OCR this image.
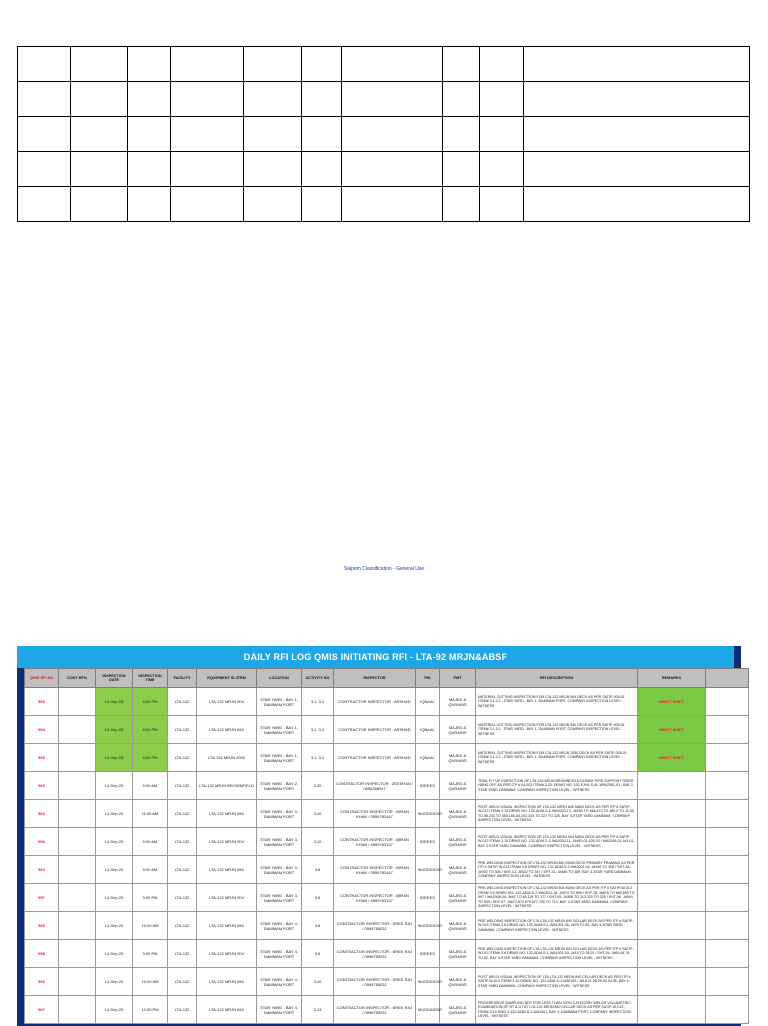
Saipem Classification - General Use
DAILY RFI LOG QMIS INITIATING RFI - LTA-92 MRJN&ABSF
QMIS RFI NO	CONT RFI#	INSPECTION DATE	INSPECTION TIME	FACILITY	EQUIPMENT ID /ITEM	LOCATION	ACTIVITY NO	INSPECTOR	PID	PMT	RFI DESCRIPTION	REMARKS	
953		13-Sep-25	8:00 PM	LTA-132	LTA-132 MRJN 504	STAR YARD - BAY 1, DAMMAM PORT	3.1, 3.2	CONTRACTOR INSPECTOR : ARSHAD	IQBAAL	MAJED & QURAINS	MATERIAL CUTTING INSPECTION FOR LTA-132 MRJN 504 DECK AS PER SATIP-005-01 ITEM# 3.1,3.2 , STAR YARD - BAY 1, DAMMAM PORT, COMPANY INSPECTION LEVEL : WITNESS	NIGHT SHIFT	
954		13-Sep-25	8:00 PM	LTA-132	LTA-132 MRJN 840	STAR YARD - BAY 1, DAMMAM PORT	3.1, 3.2	CONTRACTOR INSPECTOR : ARSHAD	IQBAAL	MAJED & QURAINS	MATERIAL CUTTING INSPECTION FOR LTA-132 MRJN 840 DECK AS PER SATIP-005-01 ITEM# 3.1,3.2 , STAR YARD - BAY 1, DAMMAM PORT, COMPANY INSPECTION LEVEL : WITNESS	NIGHT SHIFT	
955		13-Sep-25	8:00 PM	LTA-132	LTA-132 MRJN 2050	STAR YARD - BAY 1, DAMMAM PORT	3.1, 3.2	CONTRACTOR INSPECTOR : ARSHAD	IQBAAL	MAJED & QURAINS	MATERIAL CUTTING INSPECTION FOR LTA-132 MRJN 2050 DECK AS PER SATIP-005-01 ITEM# 3.1,3.2 , STAR YARD - BAY 1, DAMMAM PORT, COMPANY INSPECTION LEVEL : WITNESS	NIGHT SHIFT	
969		14-Sep-25	9:00 AM	LTA-132	LTA-132 MRJN BROWNFIELD	STAR YARD - BAY 2, DAMMAM PORT	3.20	CONTRACTOR INSPECTOR : ZEESHAN / 0550288047	IDREES	MAJED & QURAINS	TRIAL FIT UP INSPECTION OF LTA-132 MRJN BROWNFIELD DUMMY PIPE SUPPORT RISER HANG OFF AS PER ITP # 04-003 ITEM# 3.20, DRWG NO. 132-EJH4-S-8L-W902051-01 , BAY 2, STAR YARD DAMMAM, COMPANY INSPECTION LEVEL : WITNESS		
963		14-Sep-25	11:00 AM	LTA-132	LTA-132 MRJN 840	STAR YARD - BAY 3, DAMMAM PORT	3.10	CONTRACTOR INSPECTOR : IMRAN KHAN / 0559783167	MUDDASSIR	MAJED & QURAINS	POST WELD VISUAL INSPECTION OF LTA-132 MRJN 840 MAIN DECK AS PER ITP # SATIP-W-013 ITEM# 3.10 DRWG NO. 132-ADM-S-2-WA2003-13, J#453 TO 466,473 TO 480,9 TO 11,50 TO 55,343 TO 350,166,A4,202,333 TO 327 TO 326, BAY 3-STAR YARD DAMMAM, COMPANY INSPECTION LEVEL : WITNESS		
956		14-Sep-25	9:00 AM	LTA-132	LTA-132 MRJN 504	STAR YARD - BAY 3, DAMMAM PORT	3.10	CONTRACTOR INSPECTOR : IMRAN KHAN / 0559783167	IDREES	MAJED & QURAINS	POST WELD VISUAL INSPECTION OF LTA-132 MRJN 504 MAIN DECK AS PER ITP # SATIP-W-013 ITEM# 3.10 DRWG NO. 132-ADM-S-2-WA2003-11, J#452-01,425-03 / WA2008-01,J#1-01, BAY 3-STAR YARD DAMMAM, COMPANY INSPECTION LEVEL : WITNESS		
964		14-Sep-25	9:00 AM	LTA-132	LTA-132 MRJN 840	STAR YARD - BAY 3, DAMMAM PORT	3.6	CONTRACTOR INSPECTOR : IMRAN KHAN / 0559783167	MUDDASSIR	MAJED & QURAINS	PRE-WELDING INSPECTION OF LTA-132 MRJN 840 MAIN DECK PRIMARY FRAMING AS PER ITP # SATIP-W-013 ITEM# 3.6 DRWG NO. 132-ADM-S-2-WA2001-04, J#169 TO 306 / SHT-34, J#302 TO 306 / SHT-13, J#342 TO 347 / SHT-31, J#485 TO 489, BAY 3-STAR YARD DAMMAM, COMPANY INSPECTION LEVEL : WITNESS		
957		14-Sep-25	3:00 PM	LTA-132	LTA-132 MRJN 504	STAR YARD - BAY 3, DAMMAM PORT	3.6	CONTRACTOR INSPECTOR : IMRAN KHAN / 0559783167	IDREES	MAJED & QURAINS	PRE-WELDING INSPECTION OF LTA-132 MRJN 504 MAIN DECK AS PER ITP # SATIP-W-013 ITEM# 3.6 DRWG NO. 132-ADM-S-2-WA2001-18, J#570 TO 599 / SHT-18, J#676 TO 680,690 TO 697 / WA2008-04, J#41 TO 46,119 TO 177 / SHT-05, J#308 TO 313,320 TO 325 / SHT-06, J#544 TO 549 / SHT-07, J#672,674,676,677,700 TO 714, BAY 3-STAR YARD DAMMAM, COMPANY INSPECTION LEVEL : WITNESS		
965		14-Sep-25	10:00 AM	LTA-132	LTA-132 MRJN 840	STAR YARD - BAY 4, DAMMAM PORT	3.6	CONTRACTOR INSPECTOR : SREE RAJ / 0595785232	MUDDASSIR	MAJED & QURAINS	PRE-WELDING INSPECTION OF LTA-LTA-132 MRJN 840 CELLAR DECK AS PER ITP # SATIP-W-013 ITEM# 3.6 DRWG NO. 132-ADM-S-1-WA1001-06, J#76 TO 83, BAY 4-STAR YARD DAMMAM, COMPANY INSPECTION LEVEL : WITNESS		
958		14-Sep-25	3:00 PM	LTA-132	LTA-132 MRJN 504	STAR YARD - BAY 4, DAMMAM PORT	3.6	CONTRACTOR INSPECTOR : SREE RAJ / 0595785232	IDREES	MAJED & QURAINS	PRE-WELDING INSPECTION OF LTA-LTA-132 MRJN 504 CELLAR DECK AS PER ITP # SATIP-W-013 ITEM# 3.6 DRWG NO. 132-ADM-S-1-WA1001-03, J#15 TO 28,31 / SHT-04, J#60,64,76 TO 82, BAY 4-STAR YARD DAMMAM, COMPANY INSPECTION LEVEL : WITNESS		
966		14-Sep-25	10:00 AM	LTA-132	LTA-132 MRJN 840	STAR YARD - BAY 4, DAMMAM PORT	3.10	CONTRACTOR INSPECTOR : SREE RAJ / 0595785232	MUDDASSIR	MAJED & QURAINS	POST WELD VISUAL INSPECTION OF LTA-LTA-132 MRJN 840 CELLAR DECK AS PER ITP # SATIP-W-013 ITEM# 3.10 DRWG NO. 132-ADM-S-1-WA1001, J#18,21,28,29,32,34,36, BAY 4-STAR YARD DAMMAM, COMPANY INSPECTION LEVEL : WITNESS		
967		14-Sep-25	12:00 PM	LTA-132	LTA-132 MRJN 840	STAR YARD - BAY 4, DAMMAM PORT	3.13	CONTRACTOR INSPECTOR : SREE RAJ / 0595785232	MUDDASSIR	MAJED & QURAINS	PROGRESSIVE SAMPLING NDT FOR LESS THAN 100% CATEGORY WELDS VOLUMETRIC EXAMINATION OF RT & UT AT LTA-132 MRJN 840 CELLAR DECK AS PER SATIP-W-013 , ITEM# 3.13 DWG # 132-ADM-S-1-WA1001, BAY 4, DAMMAM PORT, COMPANY INSPECTION LEVEL : WITNESS		
